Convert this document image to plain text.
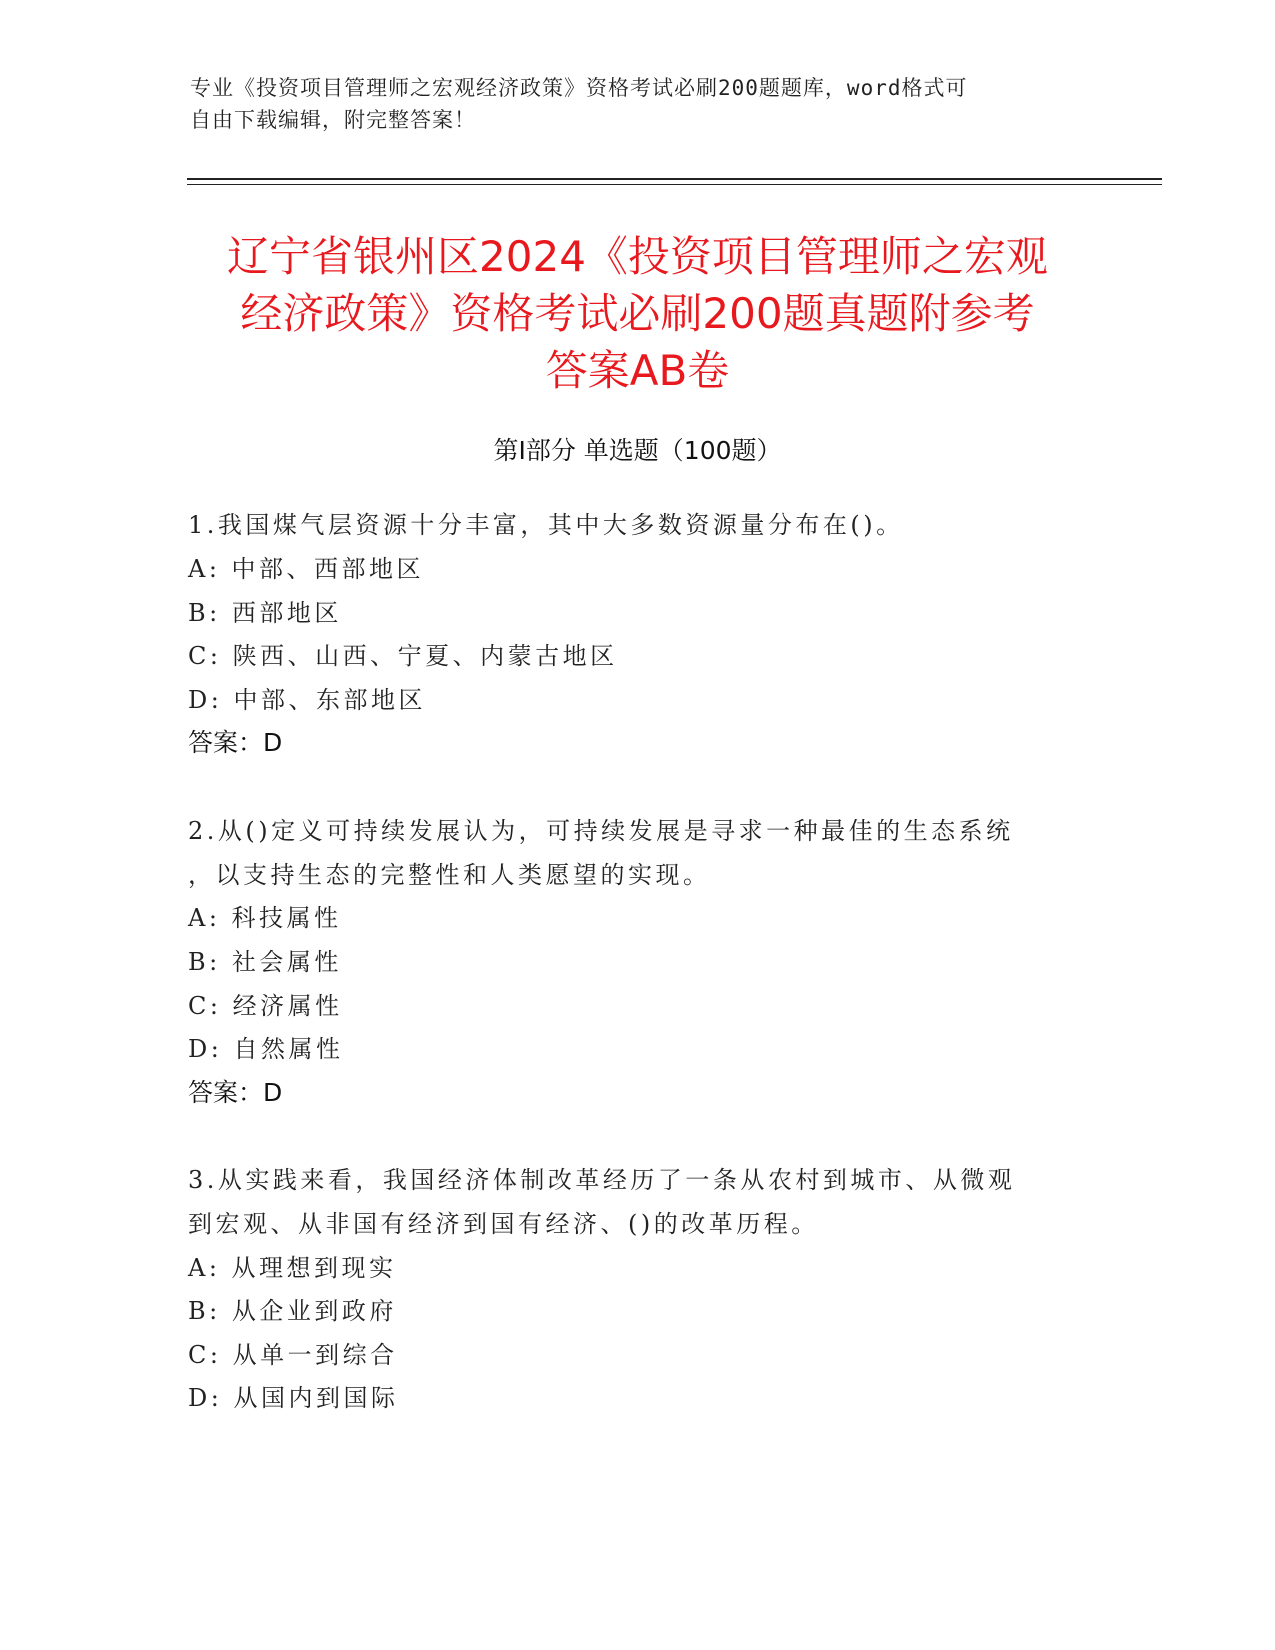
专业《投资项目管理师之宏观经济政策》资格考试必刷200题题库，word格式可
自由下载编辑，附完整答案！
辽宁省银州区2024《投资项目管理师之宏观
经济政策》资格考试必刷200题真题附参考
答案AB卷
第I部分 单选题（100题）
1.我国煤气层资源十分丰富，其中大多数资源量分布在()。
A: 中部、西部地区
B: 西部地区
C: 陕西、山西、宁夏、内蒙古地区
D: 中部、东部地区
答案：D
2.从()定义可持续发展认为，可持续发展是寻求一种最佳的生态系统
，以支持生态的完整性和人类愿望的实现。
A: 科技属性
B: 社会属性
C: 经济属性
D: 自然属性
答案：D
3.从实践来看，我国经济体制改革经历了一条从农村到城市、从微观
到宏观、从非国有经济到国有经济、()的改革历程。
A: 从理想到现实
B: 从企业到政府
C: 从单一到综合
D: 从国内到国际
